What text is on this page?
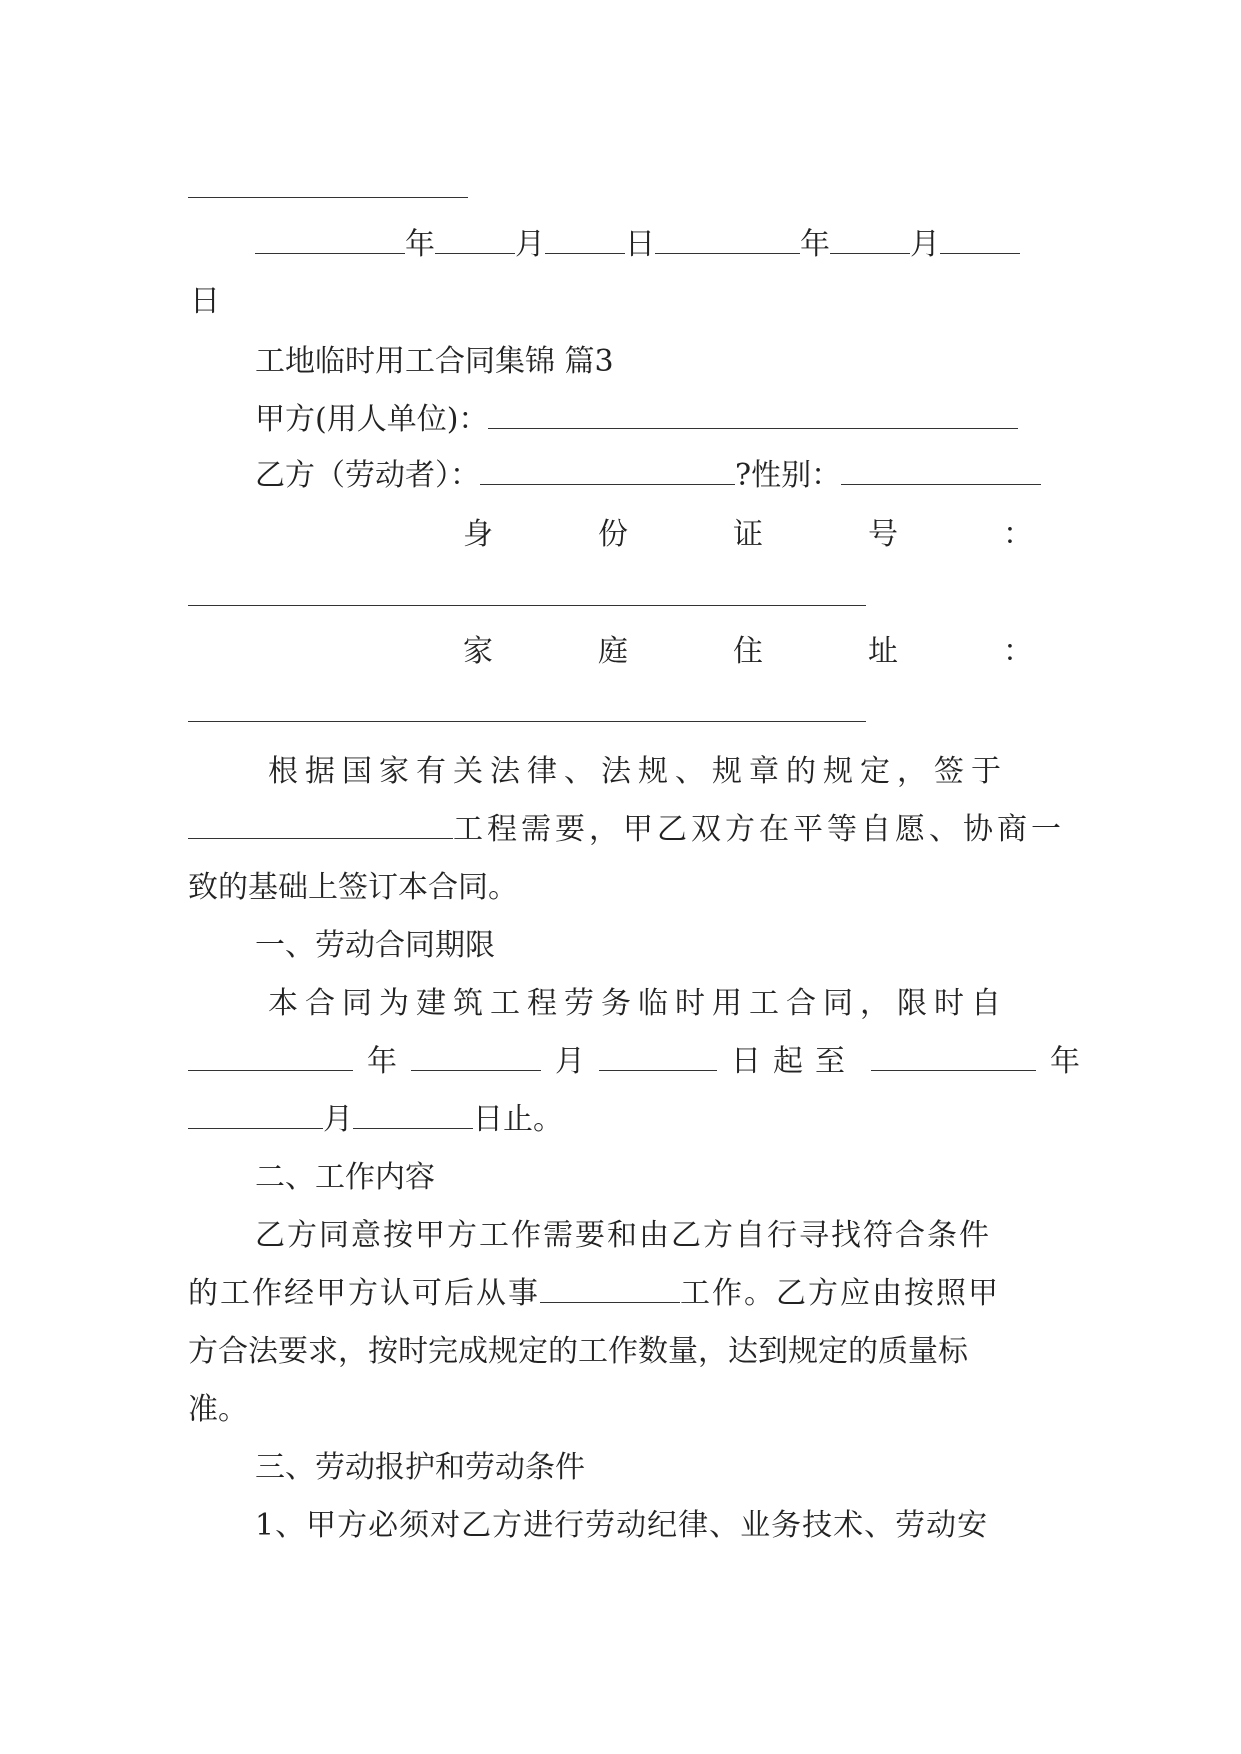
年	月	日	年	月
日
工地临时用工合同集锦 篇3
甲方(用人单位)：
乙方（劳动者）：	?性别：
身	份	证	号	：
家	庭	住	址	：
根据国家有关法律、法规、规章的规定，签于
工程需要，甲乙双方在平等自愿、协商一
致的基础上签订本合同。
一、劳动合同期限
本合同为建筑工程劳务临时用工合同，限时自
年	月	日起至	年
月	日止。
二、工作内容
乙方同意按甲方工作需要和由乙方自行寻找符合条件
的工作经甲方认可后从事	工作。乙方应由按照甲
方合法要求，按时完成规定的工作数量，达到规定的质量标
准。
三、劳动报护和劳动条件
1、甲方必须对乙方进行劳动纪律、业务技术、劳动安
